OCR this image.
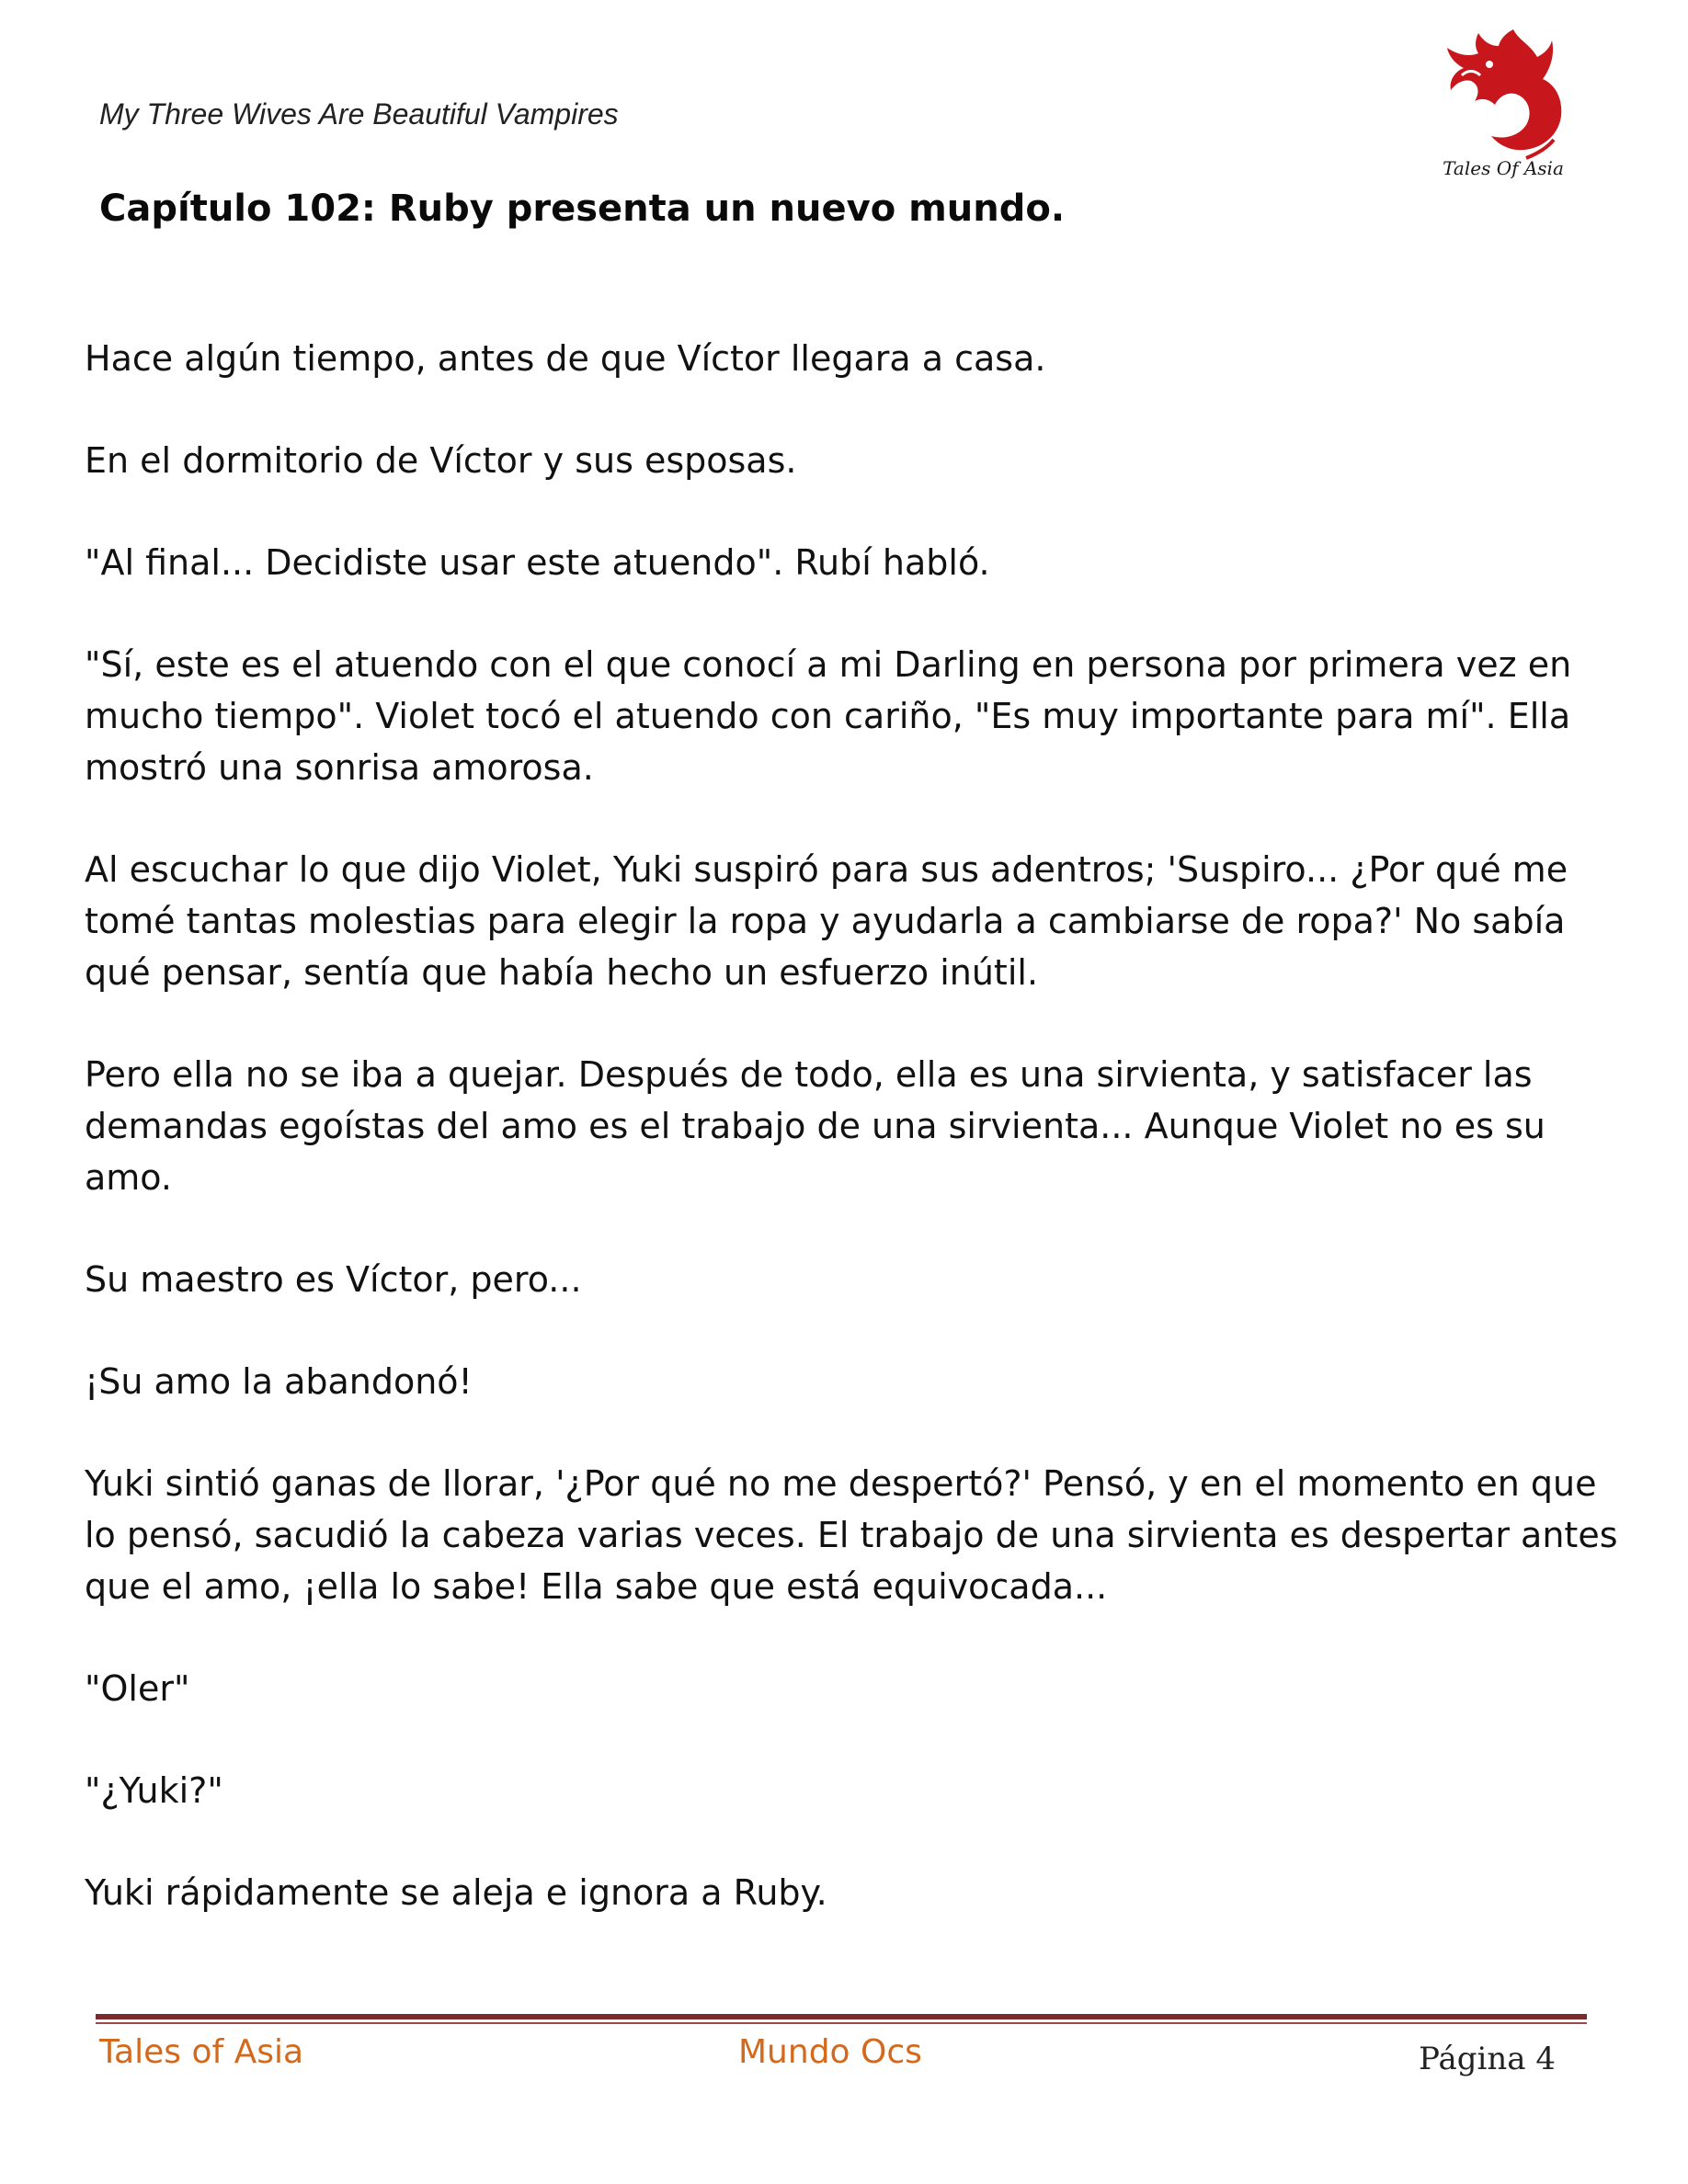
My Three Wives Are Beautiful Vampires
Tales Of Asia
Capítulo 102: Ruby presenta un nuevo mundo.

Hace algún tiempo, antes de que Víctor llegara a casa.

En el dormitorio de Víctor y sus esposas.

"Al final... Decidiste usar este atuendo". Rubí habló.

"Sí, este es el atuendo con el que conocí a mi Darling en persona por primera vez en mucho tiempo". Violet tocó el atuendo con cariño, "Es muy importante para mí". Ella mostró una sonrisa amorosa.

Al escuchar lo que dijo Violet, Yuki suspiró para sus adentros; 'Suspiro... ¿Por qué me tomé tantas molestias para elegir la ropa y ayudarla a cambiarse de ropa?' No sabía qué pensar, sentía que había hecho un esfuerzo inútil.

Pero ella no se iba a quejar. Después de todo, ella es una sirvienta, y satisfacer las demandas egoístas del amo es el trabajo de una sirvienta... Aunque Violet no es su amo.

Su maestro es Víctor, pero...

¡Su amo la abandonó!

Yuki sintió ganas de llorar, '¿Por qué no me despertó?' Pensó, y en el momento en que lo pensó, sacudió la cabeza varias veces. El trabajo de una sirvienta es despertar antes que el amo, ¡ella lo sabe! Ella sabe que está equivocada...

"Oler"

"¿Yuki?"

Yuki rápidamente se aleja e ignora a Ruby.

Tales of Asia	Mundo Ocs	Página 4
